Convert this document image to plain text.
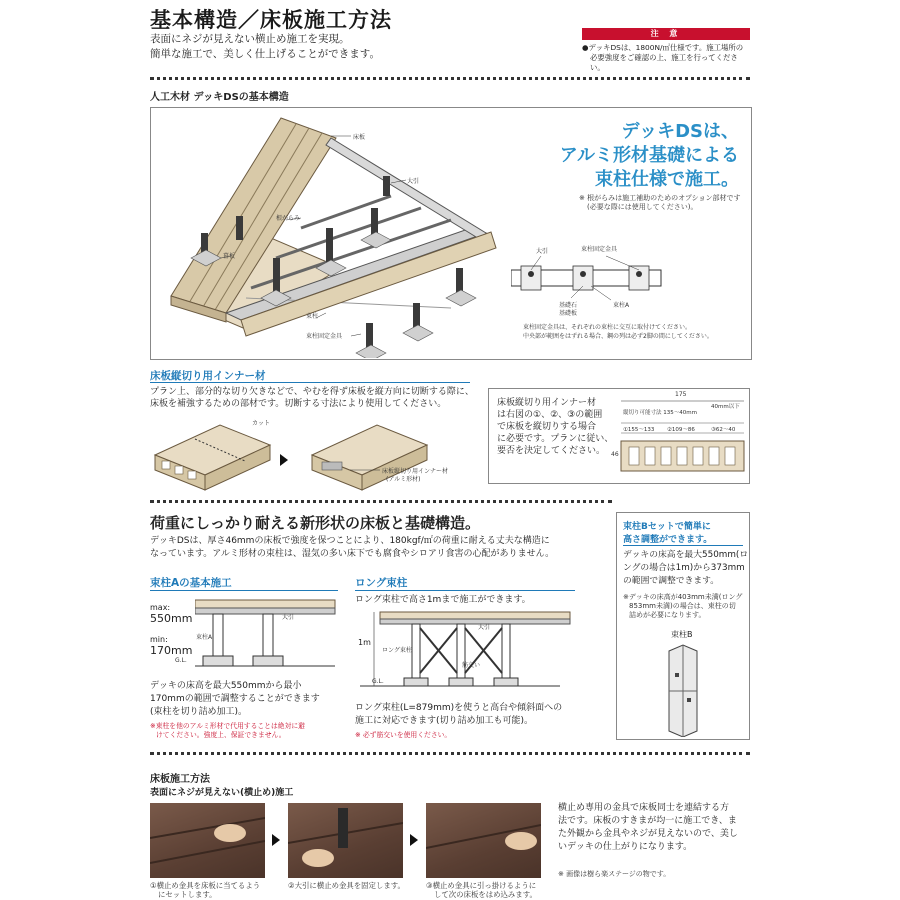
基本構造／床板施工方法
表面にネジが見えない横止め施工を実現。
簡単な施工で、美しく仕上げることができます。
注 意
●デッキDSは、1800N/㎡仕様です。施工場所の
必要強度をご確認の上、施工を行ってください。
人工木材 デッキDSの基本構造
床板
大引
根がらみ
幕板
束柱
束柱固定金具
デッキDSは、
アルミ形材基礎による
束柱仕様で施工。
※ 根がらみは施工補助のためのオプション部材です
(必要な際には使用してください)。
大引	束柱固定金具
基礎石
基礎板
束柱A
束柱固定金具は、それぞれの束柱に交互に取付けてください。
中央部が範囲をはずれる場合、鋼の列は必ず2脚の間にしてください。
床板縦切り用インナー材
プラン上、部分的な切り欠きなどで、やむを得ず床板を縦方向に切断する際に、
床板を補強するための部材です。切断する寸法により使用してください。
カット
床板縦切り用インナー材
(アルミ形材)
床板縦切り用インナー材
は右図の①、②、③の範囲
で床板を縦切りする場合
に必要です。プランに従い、
要否を決定してください。
175
縦切り可能寸法 135～40mm
40mm以下
①155～133 ②109～86	③62～40
46
荷重にしっかり耐える新形状の床板と基礎構造。
デッキDSは、厚さ46mmの床板で強度を保つことにより、180kgf/㎡の荷重に耐える丈夫な構造に
なっています。アルミ形材の束柱は、湿気の多い床下でも腐食やシロアリ食害の心配がありません。
束柱Aの基本施工
max:
550mm
min:
170mm
大引
束柱A
G.L.
デッキの床高を最大550mmから最小
170mmの範囲で調整することができます
(束柱を切り詰め加工)。
※束柱を他のアルミ形材で代用することは絶対に避
けてください。強度上、保証できません。
ロング束柱
ロング束柱で高さ1mまで施工ができます。
1m
大引
ロング束柱
筋交い
G.L.
ロング束柱(L=879mm)を使うと高台や傾斜面への
施工に対応できます(切り詰め加工も可能)。
※ 必ず筋交いを使用ください。
束柱Bセットで簡単に
高さ調整ができます。
デッキの床高を最大550mm(ロ
ングの場合は1m)から373mm
の範囲で調整できます。
※デッキの床高が403mm未満(ロング
853mm未満)の場合は、束柱の切
詰めが必要になります。
束柱B
床板施工方法
表面にネジが見えない(横止め)施工
①横止め金具を床板に当てるよう
にセットします。
②大引に横止め金具を固定します。	③横止め金具に引っ掛けるように
して次の床板をはめ込みます。
横止め専用の金具で床板同士を連結する方
法です。床板のすきまが均一に施工でき、ま
た外観から金具やネジが見えないので、美し
いデッキの仕上がりになります。
※ 画像は樹ら楽ステージの物です。
